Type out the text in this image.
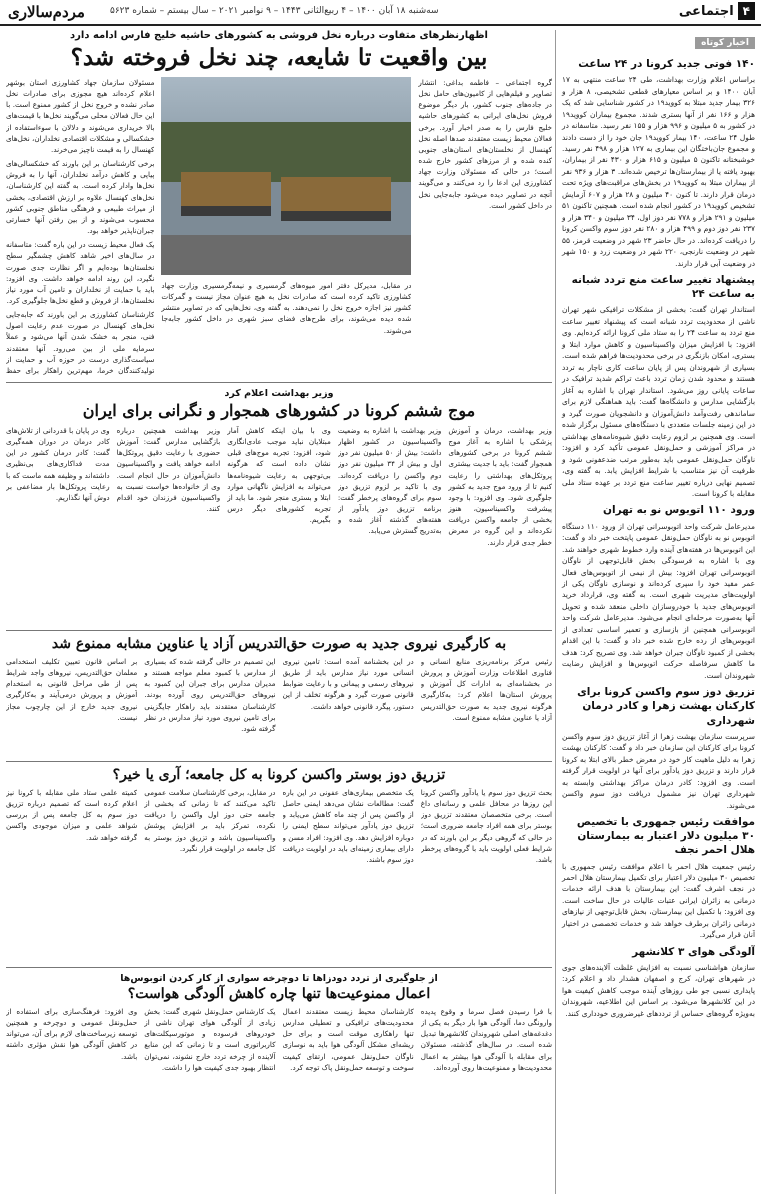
مردم‌سالاری	سه‌شنبه ۱۸ آبان ۱۴۰۰ – ۴ ربیع‌الثانی ۱۴۴۳ – ۹ نوامبر ۲۰۲۱ – سال بیستم – شماره ۵۶۲۳	۴
اجتماعی
اخبار کوتاه
۱۴۰ فوتی جدید کرونا در ۲۴ ساعت

براساس اعلام وزارت بهداشت، طی ۲۴ ساعت منتهی به ۱۷ آبان ۱۴۰۰ و بر اساس معیارهای قطعی تشخیصی، ۸ هزار و ۳۲۶ بیمار جدید مبتلا به کووید۱۹ در کشور شناسایی شد که یک هزار و ۱۶۶ نفر از آنها بستری شدند. مجموع بیماران کووید۱۹ در کشور به ۵ میلیون و ۹۹۶ هزار و ۱۵۵ نفر رسید. متاسفانه در طول ۲۴ ساعت، ۱۴۰ بیمار کووید۱۹ جان خود را از دست دادند و مجموع جان‌باختگان این بیماری به ۱۲۷ هزار و ۴۹۸ نفر رسید. خوشبختانه تاکنون ۵ میلیون و ۶۱۵ هزار و ۴۳۰ نفر از بیماران، بهبود یافته یا از بیمارستان‌ها ترخیص شده‌اند. ۳ هزار و ۹۳۶ نفر از بیماران مبتلا به کووید۱۹ در بخش‌های مراقبت‌های ویژه تحت درمان قرار دارند. تا کنون ۴۰ میلیون و ۲۸ هزار و ۶۰۷ آزمایش تشخیص کووید۱۹ در کشور انجام شده است. همچنین تاکنون ۵۱ میلیون و ۲۹۱ هزار و ۷۷۸ نفر دوز اول، ۳۴ میلیون و ۳۴۰ هزار و ۲۳۷ نفر دوز دوم و ۴۹۹ هزار و ۲۸۰ نفر دوز سوم واکسن کرونا را دریافت کرده‌اند. در حال حاضر ۲۳ شهر در وضعیت قرمز، ۵۵ شهر در وضعیت نارنجی، ۲۲۰ شهر در وضعیت زرد و ۱۵۰ شهر در وضعیت آبی قرار دارند.

پیشنهاد تغییر ساعت منع تردد شبانه به ساعت ۲۴

استاندار تهران گفت: بخشی از مشکلات ترافیکی شهر تهران ناشی از محدودیت تردد شبانه است که پیشنهاد تغییر ساعت منع تردد به ساعت ۲۴ را به ستاد ملی کرونا ارائه کرده‌ایم. وی افزود: با افزایش میزان واکسیناسیون و کاهش موارد ابتلا و بستری، امکان بازنگری در برخی محدودیت‌ها فراهم شده است. بسیاری از شهروندان پس از پایان ساعت کاری ناچار به تردد هستند و محدود شدن زمان تردد باعث تراکم شدید ترافیک در ساعات پایانی روز می‌شود. استاندار تهران با اشاره به آغاز بازگشایی مدارس و دانشگاه‌ها گفت: باید هماهنگی لازم برای ساماندهی رفت‌وآمد دانش‌آموزان و دانشجویان صورت گیرد و در این زمینه جلسات متعددی با دستگاه‌های مسئول برگزار شده است. وی همچنین بر لزوم رعایت دقیق شیوه‌نامه‌های بهداشتی در مراکز آموزشی و حمل‌ونقل عمومی تأکید کرد و افزود: ناوگان حمل‌ونقل عمومی باید به‌طور مرتب ضدعفونی شود و ظرفیت آن نیز متناسب با شرایط افزایش یابد. به گفته وی، تصمیم نهایی درباره تغییر ساعت منع تردد بر عهده ستاد ملی مقابله با کرونا است.

ورود ۱۱۰ اتوبوس نو به تهران

مدیرعامل شرکت واحد اتوبوسرانی تهران از ورود ۱۱۰ دستگاه اتوبوس نو به ناوگان حمل‌ونقل عمومی پایتخت خبر داد و گفت: این اتوبوس‌ها در هفته‌های آینده وارد خطوط شهری خواهند شد. وی با اشاره به فرسودگی بخش قابل‌توجهی از ناوگان اتوبوسرانی تهران افزود: بیش از نیمی از اتوبوس‌های فعال عمر مفید خود را سپری کرده‌اند و نوسازی ناوگان یکی از اولویت‌های مدیریت شهری است. به گفته وی، قرارداد خرید اتوبوس‌های جدید با خودروسازان داخلی منعقد شده و تحویل آنها به‌صورت مرحله‌ای انجام می‌شود. مدیرعامل شرکت واحد اتوبوسرانی همچنین از بازسازی و تعمیر اساسی تعدادی از اتوبوس‌های از رده خارج شده خبر داد و گفت: با این اقدام بخشی از کمبود ناوگان جبران خواهد شد. وی تصریح کرد: هدف ما کاهش سرفاصله حرکت اتوبوس‌ها و افزایش رضایت شهروندان است.

تزریق دوز سوم واکسن کرونا برای کارکنان بهشت زهرا و کادر درمان شهرداری

سرپرست سازمان بهشت زهرا از آغاز تزریق دوز سوم واکسن کرونا برای کارکنان این سازمان خبر داد و گفت: کارکنان بهشت زهرا به دلیل ماهیت کار خود در معرض خطر بالای ابتلا به کرونا قرار دارند و تزریق دوز یادآور برای آنها در اولویت قرار گرفته است. وی افزود: کادر درمان مراکز بهداشتی وابسته به شهرداری تهران نیز مشمول دریافت دوز سوم واکسن می‌شوند.

موافقت رئیس جمهوری با تخصیص ۳۰ میلیون دلار اعتبار به بیمارستان هلال احمر نجف

رئیس جمعیت هلال احمر با اعلام موافقت رئیس جمهوری با تخصیص ۳۰ میلیون دلار اعتبار برای تکمیل بیمارستان هلال احمر در نجف اشرف گفت: این بیمارستان با هدف ارائه خدمات درمانی به زائران ایرانی عتبات عالیات در حال ساخت است. وی افزود: با تکمیل این بیمارستان، بخش قابل‌توجهی از نیازهای درمانی زائران برطرف خواهد شد و خدمات تخصصی در اختیار آنان قرار می‌گیرد.

آلودگی هوای ۳ کلانشهر

سازمان هواشناسی نسبت به افزایش غلظت آلاینده‌های جوی در شهرهای تهران، کرج و اصفهان هشدار داد و اعلام کرد: پایداری نسبی جو طی روزهای آینده موجب کاهش کیفیت هوا در این کلانشهرها می‌شود. بر اساس این اطلاعیه، شهروندان به‌ویژه گروه‌های حساس از ترددهای غیرضروری خودداری کنند.

اظهارنظرهای متفاوت درباره نخل فروشی به کشورهای حاشیه خلیج فارس ادامه دارد

بین واقعیت تا شایعه، چند نخل فروخته شد؟

گروه اجتماعی – فاطمه بداغی: انتشار تصاویر و فیلم‌هایی از کامیون‌های حامل نخل در جاده‌های جنوب کشور، بار دیگر موضوع فروش نخل‌های ایرانی به کشورهای حاشیه خلیج فارس را به صدر اخبار آورد. برخی فعالان محیط زیست معتقدند صدها اصله نخل کهنسال از نخلستان‌های استان‌های جنوبی کنده شده و از مرزهای کشور خارج شده است؛ در حالی که مسئولان وزارت جهاد کشاورزی این ادعا را رد می‌کنند و می‌گویند آنچه در تصاویر دیده می‌شود جابه‌جایی نخل در داخل کشور است.

در مقابل، مدیرکل دفتر امور میوه‌های گرمسیری و نیمه‌گرمسیری وزارت جهاد کشاورزی تاکید کرده است که صادرات نخل به هیچ عنوان مجاز نیست و گمرکات کشور نیز اجازه خروج نخل را نمی‌دهند. به گفته وی، نخل‌هایی که در تصاویر منتشر شده دیده می‌شوند، برای طرح‌های فضای سبز شهری در داخل کشور جابه‌جا می‌شوند.

مسئولان سازمان جهاد کشاورزی استان بوشهر اعلام کرده‌اند هیچ مجوزی برای صادرات نخل صادر نشده و خروج نخل از کشور ممنوع است. با این حال فعالان محلی می‌گویند نخل‌ها با قیمت‌های بالا خریداری می‌شوند و دلالان با سوءاستفاده از خشکسالی و مشکلات اقتصادی نخلداران، نخل‌های کهنسال را به قیمت ناچیز می‌خرند.

برخی کارشناسان بر این باورند که خشکسالی‌های پیاپی و کاهش درآمد نخلداران، آنها را به فروش نخل‌ها وادار کرده است. به گفته این کارشناسان، نخل‌های کهنسال علاوه بر ارزش اقتصادی، بخشی از میراث طبیعی و فرهنگی مناطق جنوبی کشور محسوب می‌شوند و از بین رفتن آنها خسارتی جبران‌ناپذیر خواهد بود.

یک فعال محیط زیست در این باره گفت: متاسفانه در سال‌های اخیر شاهد کاهش چشمگیر سطح نخلستان‌ها بوده‌ایم و اگر نظارت جدی صورت نگیرد، این روند ادامه خواهد داشت. وی افزود: باید با حمایت از نخلداران و تامین آب مورد نیاز نخلستان‌ها، از فروش و قطع نخل‌ها جلوگیری کرد.

کارشناسان کشاورزی بر این باورند که جابه‌جایی نخل‌های کهنسال در صورت عدم رعایت اصول فنی، منجر به خشک شدن آنها می‌شود و عملاً سرمایه ملی از بین می‌رود. آنها معتقدند سیاست‌گذاری درست در حوزه آب و حمایت از تولیدکنندگان خرما، مهم‌ترین راهکار برای حفظ

وزیر بهداشت اعلام کرد

موج ششم کرونا در کشورهای همجوار و نگرانی برای ایران

وزیر بهداشت، درمان و آموزش پزشکی با اشاره به آغاز موج ششم کرونا در برخی کشورهای همجوار گفت: باید با جدیت بیشتری پروتکل‌های بهداشتی را رعایت کنیم تا از ورود موج جدید به کشور جلوگیری شود. وی افزود: با وجود پیشرفت واکسیناسیون، هنوز بخشی از جامعه واکسن دریافت نکرده‌اند و این گروه در معرض خطر جدی قرار دارند.

وزیر بهداشت با اشاره به وضعیت واکسیناسیون در کشور اظهار داشت: بیش از ۵۰ میلیون نفر دوز اول و بیش از ۳۴ میلیون نفر دوز دوم واکسن را دریافت کرده‌اند. وی با تاکید بر لزوم تزریق دوز سوم برای گروه‌های پرخطر گفت: برنامه تزریق دوز یادآور از هفته‌های گذشته آغاز شده و به‌تدریج گسترش می‌یابد.

وی با بیان اینکه کاهش آمار مبتلایان نباید موجب عادی‌انگاری شود، افزود: تجربه موج‌های قبلی نشان داده است که هرگونه بی‌توجهی به رعایت شیوه‌نامه‌ها می‌تواند به افزایش ناگهانی موارد ابتلا و بستری منجر شود. ما باید از تجربه کشورهای دیگر درس بگیریم.

وزیر بهداشت همچنین درباره بازگشایی مدارس گفت: آموزش حضوری با رعایت دقیق پروتکل‌ها ادامه خواهد یافت و واکسیناسیون دانش‌آموزان در حال انجام است. وی از خانواده‌ها خواست نسبت به واکسیناسیون فرزندان خود اقدام کنند.

وی در پایان با قدردانی از تلاش‌های کادر درمان در دوران همه‌گیری گفت: کادر درمان کشور در این مدت فداکاری‌های بی‌نظیری داشته‌اند و وظیفه همه ماست که با رعایت پروتکل‌ها بار مضاعفی بر دوش آنها نگذاریم.

به کارگیری نیروی جدید به صورت حق‌التدریس آزاد یا عناوین مشابه ممنوع شد

رئیس مرکز برنامه‌ریزی منابع انسانی و فناوری اطلاعات وزارت آموزش و پرورش در بخشنامه‌ای به ادارات کل آموزش و پرورش استان‌ها اعلام کرد: به‌کارگیری هرگونه نیروی جدید به صورت حق‌التدریس آزاد یا عناوین مشابه ممنوع است.

در این بخشنامه آمده است: تامین نیروی انسانی مورد نیاز مدارس باید از طریق نیروهای رسمی و پیمانی و با رعایت ضوابط قانونی صورت گیرد و هرگونه تخلف از این دستور، پیگرد قانونی خواهد داشت.

این تصمیم در حالی گرفته شده که بسیاری از مدارس با کمبود معلم مواجه هستند و مدیران مدارس برای جبران این کمبود به نیروهای حق‌التدریس روی آورده بودند. کارشناسان معتقدند باید راهکار جایگزینی برای تامین نیروی مورد نیاز مدارس در نظر گرفته شود.

بر اساس قانون تعیین تکلیف استخدامی معلمان حق‌التدریس، نیروهای واجد شرایط پس از طی مراحل قانونی به استخدام آموزش و پرورش درمی‌آیند و به‌کارگیری نیروی جدید خارج از این چارچوب مجاز نیست.

تزریق دوز بوستر واکسن کرونا به کل جامعه؛ آری یا خیر؟

بحث تزریق دوز سوم یا یادآور واکسن کرونا این روزها در محافل علمی و رسانه‌ای داغ است. برخی متخصصان معتقدند تزریق دوز بوستر برای همه افراد جامعه ضروری است؛ در حالی که گروهی دیگر بر این باورند که در شرایط فعلی اولویت باید با گروه‌های پرخطر باشد.

یک متخصص بیماری‌های عفونی در این باره گفت: مطالعات نشان می‌دهد ایمنی حاصل از واکسن پس از چند ماه کاهش می‌یابد و تزریق دوز یادآور می‌تواند سطح ایمنی را دوباره افزایش دهد. وی افزود: افراد مسن و دارای بیماری زمینه‌ای باید در اولویت دریافت دوز سوم باشند.

در مقابل، برخی کارشناسان سلامت عمومی تاکید می‌کنند که تا زمانی که بخشی از جامعه حتی دوز اول واکسن را دریافت نکرده، تمرکز باید بر افزایش پوشش واکسیناسیون باشد و تزریق دوز بوستر به کل جامعه در اولویت قرار نگیرد.

کمیته علمی ستاد ملی مقابله با کرونا نیز اعلام کرده است که تصمیم درباره تزریق دوز سوم به کل جامعه پس از بررسی شواهد علمی و میزان موجودی واکسن گرفته خواهد شد.

از جلوگیری از تردد دودزاها تا دوچرخه سواری از کار کردن اتوبوس‌ها

اعمال ممنوعیت‌ها تنها چاره کاهش آلودگی هواست؟

با فرا رسیدن فصل سرما و وقوع پدیده وارونگی دما، آلودگی هوا بار دیگر به یکی از دغدغه‌های اصلی شهروندان کلانشهرها تبدیل شده است. در سال‌های گذشته، مسئولان برای مقابله با آلودگی هوا بیشتر به اعمال محدودیت‌ها و ممنوعیت‌ها روی آورده‌اند.

کارشناسان محیط زیست معتقدند اعمال محدودیت‌های ترافیکی و تعطیلی مدارس تنها راهکاری موقت است و برای حل ریشه‌ای مشکل آلودگی هوا باید به نوسازی ناوگان حمل‌ونقل عمومی، ارتقای کیفیت سوخت و توسعه حمل‌ونقل پاک توجه کرد.

یک کارشناس حمل‌ونقل شهری گفت: بخش زیادی از آلودگی هوای تهران ناشی از خودروهای فرسوده و موتورسیکلت‌های کاربراتوری است و تا زمانی که این منابع آلاینده از چرخه تردد خارج نشوند، نمی‌توان انتظار بهبود جدی کیفیت هوا را داشت.

وی افزود: فرهنگ‌سازی برای استفاده از حمل‌ونقل عمومی و دوچرخه و همچنین توسعه زیرساخت‌های لازم برای آن، می‌تواند در کاهش آلودگی هوا نقش مؤثری داشته باشد.
